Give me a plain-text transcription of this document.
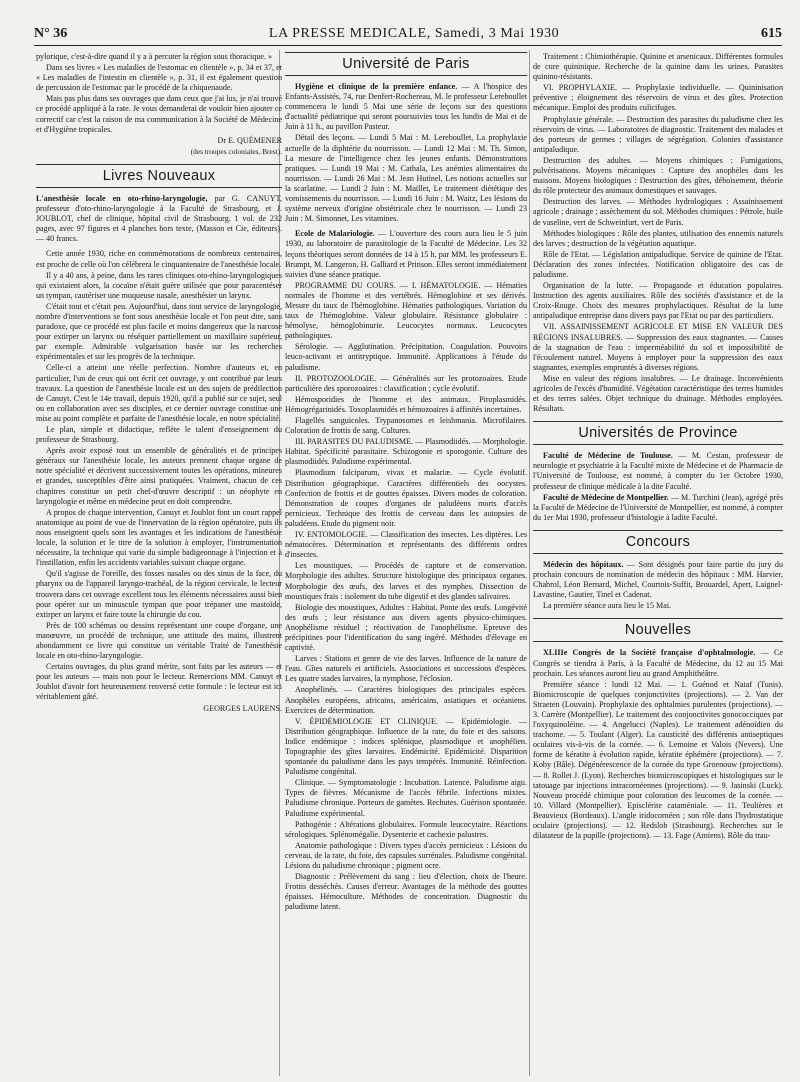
N° 36	LA PRESSE MEDICALE, Samedi, 3 Mai 1930	615

pylorique, c'est-à-dire quand il y a à percuter la région sous thoracique. »

Dans ses livres « Les maladies de l'estomac en clientèle », p. 34 et 37, et « Les maladies de l'intestin en clientèle », p. 31, il est également question de percussion de l'estomac par le procédé de la chiquenaude.

Mais pas plus dans ses ouvrages que dans ceux que j'ai lus, je n'ai trouvé ce procédé appliqué à la rate. Je vous demanderai de vouloir bien ajouter ce correctif car c'est la raison de ma communication à la Société de Médecine et d'Hygiène tropicales.

Dr E. QUÉMENER
(des troupes coloniales, Brest).
Livres Nouveaux

L'anesthésie locale en oto-rhino-laryngologie, par G. CANUYT, professeur d'oto-rhino-laryngologie à la Faculté de Strasbourg, et J. JOUBLOT, chef de clinique, hôpital civil de Strasbourg. 1 vol. de 232 pages, avec 97 figures et 4 planches hors texte, (Masson et Cie, éditeurs). — 40 francs.

Cette année 1930, riche en commémorations de nombreux centenaires, est proche de celle où l'on célébrera le cinquantenaire de l'anesthésie locale.

Il y a 40 ans, à peine, dans les rares cliniques oto-rhino-laryngologiques qui existaient alors, la cocaïne n'était guère utilisée que pour paracentéser un tympan, cautériser une muqueuse nasale, anesthésier un larynx.

C'était tout et c'était peu. Aujourd'hui, dans tout service de laryngologie, nombre d'interventions se font sous anesthésie locale et l'on peut dire, sans paradoxe, que ce procédé est plus facile et moins dangereux que la narcose pour extirper un larynx ou réséquer partiellement un maxillaire supérieur, par exemple. Admirable vulgarisation basée sur les recherches expérimentales et sur les progrès de la technique.

Celle-ci a atteint une réelle perfection. Nombre d'auteurs et, en particulier, l'un de ceux qui ont écrit cet ouvrage, y ont contribué par leurs travaux. La question de l'anesthésie locale est un des sujets de prédilection de Canuyt. C'est le 14e travail, depuis 1920, qu'il a publié sur ce sujet, seul ou en collaboration avec ses disciples, et ce dernier ouvrage constitue une mise au point complète et parfaite de l'anesthésie locale, en notre spécialité.

Le plan, simple et didactique, reflète le talent d'enseignement du professeur de Strasbourg.

Après avoir exposé tout un ensemble de généralités et de principes généraux sur l'anesthésie locale, les auteurs prennent chaque organe de notre spécialité et décrivent successivement toutes les opérations, mineures et grandes, susceptibles d'être ainsi pratiquées. Vraiment, chacun de ces chapitres constitue un petit chef-d'œuvre descriptif : un néophyte en laryngologie et même en médecine peut en doit comprendre.

A propos de chaque intervention, Canuyt et Joublot font un court rappel anatomique au point de vue de l'innervation de la région opératoire, puis ils nous enseignent quels sont les avantages et les indications de l'anesthésie locale, la solution et le titre de la solution à employer, l'instrumentation nécessaire, la technique qui varie du simple badigeonnage à l'injection et à l'instillation, enfin les accidents variables suivant chaque organe.

Qu'il s'agisse de l'oreille, des fosses nasales ou des sinus de la face, du pharynx ou de l'appareil laryngo-trachéal, de la région cervicale, le lecteur trouvera dans cet ouvrage excellent tous les éléments nécessaires aussi bien pour opérer sur un minuscule tympan que pour trépaner une mastoïde, extirper un larynx et faire toute la chirurgie du cou.

Près de 100 schémas ou dessins représentant une coupe d'organe, une manœuvre, un procédé de technique, une attitude des mains, illustrent abondamment ce livre qui constitue un véritable Traité de l'anesthésie locale en oto-rhino-laryngologie.

Certains ouvrages, du plus grand mérite, sont faits par les auteurs — et pour les auteurs — mais non pour le lecteur. Remercions MM. Canuyt et Joublot d'avoir fort heureusement renversé cette formule : le lecteur est ici véritablement gâté.

GEORGES LAURENS.
Université de Paris

Hygiène et clinique de la première enfance. — A l'hospice des Enfants-Assistés, 74, rue Denfert-Rochereau, M. le professeur Lereboullet commencera le lundi 5 Mai une série de leçons sur des questions d'actualité pédiatrique qui seront poursuivies tous les lundis de Mai et de Juin à 11 h., au pavillon Pasteur.

Détail des leçons. — Lundi 5 Mai : M. Lereboullet, La prophylaxie actuelle de la diphtérie du nourrisson. — Lundi 12 Mai : M. Th. Simon, La mesure de l'intelligence chez les jeunes enfants. Démonstrations pratiques. — Lundi 19 Mai : M. Cathala, Les anémies alimentaires du nourrisson. — Lundi 26 Mai : M. Jean Hutinel, Les notions actuelles sur la scarlatine. — Lundi 2 Juin : M. Maillet, Le traitement diététique des vomissements du nourrisson. — Lundi 16 Juin : M. Waitz, Les lésions du système nerveux d'origine obstétricale chez le nourrisson. — Lundi 23 Juin : M. Simonnet, Les vitamines.

Ecole de Malariologie. — L'ouverture des cours aura lieu le 5 juin 1930, au laboratoire de parasitologie de la Faculté de Médecine. Les 32 leçons théoriques seront données de 14 à 15 h. par MM. les professeurs E. Brumpt, M. Langeron, H. Galliard et Prinson. Elles seront immédiatement suivies d'une séance pratique.

PROGRAMME DU COURS. — I. HÉMATOLOGIE. — Hématies normales de l'homme et des vertébrés. Hémoglobine et ses dérivés. Mesure du taux de l'hémoglobine. Hématies pathologiques. Variation du taux de l'hémoglobine. Valeur globulaire. Résistance globulaire : hémolyse, hémoglobinurie. Leucocytes normaux. Leucocytes pathologiques.

Sérologie. — Agglutination. Précipitation. Coagulation. Pouvoirs leuco-activant et antitryptique. Immunité. Applications à l'étude du paludisme.

II. PROTOZOOLOGIE. — Généralités sur les protozoaires. Etude particulière des sporozoaires : classification ; cycle évolutif.

Hémosporidies de l'homme et des animaux. Piroplasmidés. Hémogrégarinidés. Toxoplasmidés et hémozoaires à affinités incertaines.

Flagellés sanguicoles. Trypanosomes et leishmania. Microfilaires. Coloration de frottis de sang. Cultures.

III. PARASITES DU PALUDISME. — Plasmodiidés. — Morphologie. Habitat. Spécificité parasitaire. Schizogonie et sporogonie. Culture des plasmodiidés. Paludisme expérimental.

Plasmodium falciparum, vivax et malariæ. — Cycle évolutif. Distribution géographique. Caractères différentiels des oocystes. Confection de frottis et de gouttes épaisses. Divers modes de coloration. Démonstration de coupes d'organes de paludéens morts d'accès pernicieux. Technique des frottis de cerveau dans les autopsies de paludéens. Etude du pigment noir.

IV. ENTOMOLOGIE. — Classification des insectes. Les diptères. Les nématocères. Détermination et représentants des différents ordres d'insectes.

Les moustiques. — Procédés de capture et de conservation. Morphologie des adultes. Structure histologique des principaux organes. Morphologie des œufs, des larves et des nymphes. Dissection de moustiques frais : isolement du tube digestif et des glandes salivaires.

Biologie des moustiques, Adultes : Habitat. Ponte des œufs. Longévité des œufs ; leur résistance aux divers agents physico-chimiques. Anophélisme résiduel ; réactivation de l'anophélisme. Epreuve des précipitines pour l'identification du sang ingéré. Méthodes d'élevage en captivité.

Larves : Stations et genre de vie des larves. Influence de la nature de l'eau. Gîtes naturels et artificiels. Associations et successions d'espèces. Les quatre stades larvaires, la nymphose, l'éclosion.

Anophélinés. — Caractères biologiques des principales espèces. Anophèles européens, africains, américains, asiatiques et océaniens. Exercices de détermination.

V. ÉPIDÉMIOLOGIE ET CLINIQUE. — Epidémiologie. — Distribution géographique. Influence de la rate, du foie et des saisons. Indice endémique : indices splénique, plasmodique et anophélien. Topographie des gîtes larvaires. Endémicité. Epidémicité. Disparition spontanée du paludisme dans les pays tempérés. Immunité. Réinfection. Paludisme congénital.

Clinique. — Symptomatologie : Incubation. Latence. Paludisme aigu. Types de fièvres. Mécanisme de l'accès fébrile. Infections mixtes. Paludisme chronique. Porteurs de gamètes. Rechutes. Guérison spontanée. Paludisme expérimental.

Pathogénie : Altérations globulaires. Formule leucocytaire. Réactions sérologiques. Splénomégalie. Dysenterie et cachexie palustres.

Anatomie pathologique : Divers types d'accès pernicieux : Lésions du cerveau, de la rate, du foie, des capsules surrénales. Paludisme congénital. Lésions du paludisme chronique ; pigment ocre.

Diagnostic : Prélèvement du sang : lieu d'élection, choix de l'heure. Frottis desséchés. Causes d'erreur. Avantages de la méthode des gouttes épaisses. Hémoculture. Méthodes de concentration. Diagnostic du paludisme latent.

Traitement : Chimiothérapie. Quinine et arsenicaux. Différentes formules de cure quininique. Recherche de la quinine dans les urines. Parasites quinino-résistants.

VI. PROPHYLAXIE. — Prophylaxie individuelle. — Quininisation préventive ; éloignement des réservoirs de virus et des gîtes. Protection mécanique. Emploi des produits culicifuges.

Prophylaxie générale. — Destruction des parasites du paludisme chez les réservoirs de virus. — Laboratoires de diagnostic. Traitement des malades et des porteurs de germes ; villages de ségrégation. Colonies d'assistance antipaludique.

Destruction des adultes. — Moyens chimiques : Fumigations, pulvérisations. Moyens mécaniques : Capture des anophèles dans les maisons. Moyens biologiques : Destruction des gîtes, déboisement, théorie du rôle protecteur des animaux domestiques et sauvages.

Destruction des larves. — Méthodes hydrologiques : Assainissement agricole ; drainage ; assèchement du sol. Méthodes chimiques : Pétrole, huile de vaseline, vert de Schweinfurt, vert de Paris.

Méthodes biologiques : Rôle des plantes, utilisation des ennemis naturels des larves ; destruction de la végétation aquatique.

Rôle de l'Etat. — Législation antipaludique. Service de quinine de l'Etat. Déclaration des zones infectées. Notification obligatoire des cas de paludisme.

Organisation de la lutte. — Propagande et éducation populaires. Instruction des agents auxiliaires. Rôle des sociétés d'assistance et de la Croix-Rouge. Choix des mesures prophylactiques. Résultat de la lutte antipaludique entreprise dans divers pays par l'Etat ou par des particuliers.

VII. ASSAINISSEMENT AGRICOLE ET MISE EN VALEUR DES RÉGIONS INSALUBRES. — Suppression des eaux stagnantes. — Causes de la stagnation de l'eau : imperméabilité du sol et impossibilité de l'écoulement naturel. Moyens à employer pour la suppression des eaux stagnantes, exemples empruntés à diverses régions.

Mise en valeur des régions insalubres. — Le drainage. Inconvénients agricoles de l'excès d'humidité. Végétation caractéristique des terres humides et des terres salées. Objet technique du drainage. Méthodes employées. Résultats.

Universités de Province

Faculté de Médecine de Toulouse. — M. Cestan, professeur de neurologie et psychiatrie à la Faculté mixte de Médecine et de Pharmacie de l'Université de Toulouse, est nommé, à compter du 1er Octobre 1930, professeur de clinique médicale à la dite Faculté.

Faculté de Médecine de Montpellier. — M. Turchini (Jean), agrégé près la Faculté de Médecine de l'Université de Montpellier, est nommé, à compter du 1er Mai 1930, professeur d'histologie à ladite Faculté.

Concours

Médecin des hôpitaux. — Sont désignés pour faire partie du jury du prochain concours de nomination de médecin des hôpitaux : MM. Harvier, Chabrol, Léon Bernard, Michel, Courtois-Suffit, Brouardel, Apert, Laignel-Lavastine, Gautier, Tinel et Cadenat.

La première séance aura lieu le 15 Mai.

Nouvelles

XLIIIe Congrès de la Société française d'ophtalmologie. — Ce Congrès se tiendra à Paris, à la Faculté de Médecine, du 12 au 15 Mai prochain. Les séances auront lieu au grand Amphithéâtre.

Première séance : lundi 12 Mai. — 1. Guénod et Nataf (Tunis). Biomicroscopie de quelques conjonctivites (projections). — 2. Van der Straeten (Louvain). Prophylaxie des ophtalmies purulentes (projections). — 3. Carrère (Montpellier). Le traitement des conjonctivites gonococciques par l'oxyquinoléine. — 4. Angelucci (Naples). Le traitement adénoïdien du trachome. — 5. Toulant (Alger). La causticité des différents antiseptiques oculaires vis-à-vis de la cornée. — 6. Lemoine et Valois (Nevers). Une forme de kératite à évolution rapide, kératite éphémère (projections). — 7. Koby (Bâle). Dégénérescence de la cornée du type Groenouw (projections). — 8. Rollet J. (Lyon). Recherches biomicroscopiques et histologiques sur le tatouage par injections intracornéennes (projections). — 9. Jasinski (Luck). Nouveau procédé chimique pour coloration des leucomes de la cornée. — 10. Villard (Montpellier). Episclérite cataméniale. — 11. Teulières et Beauvieux (Bordeaux). L'angle iridocornéen ; son rôle dans l'hydrostatique oculaire (projections). — 12. Redslob (Strasbourg). Recherches sur le dilatateur de la pupille (projections). — 13. Fage (Amiens). Rôle du trau-
